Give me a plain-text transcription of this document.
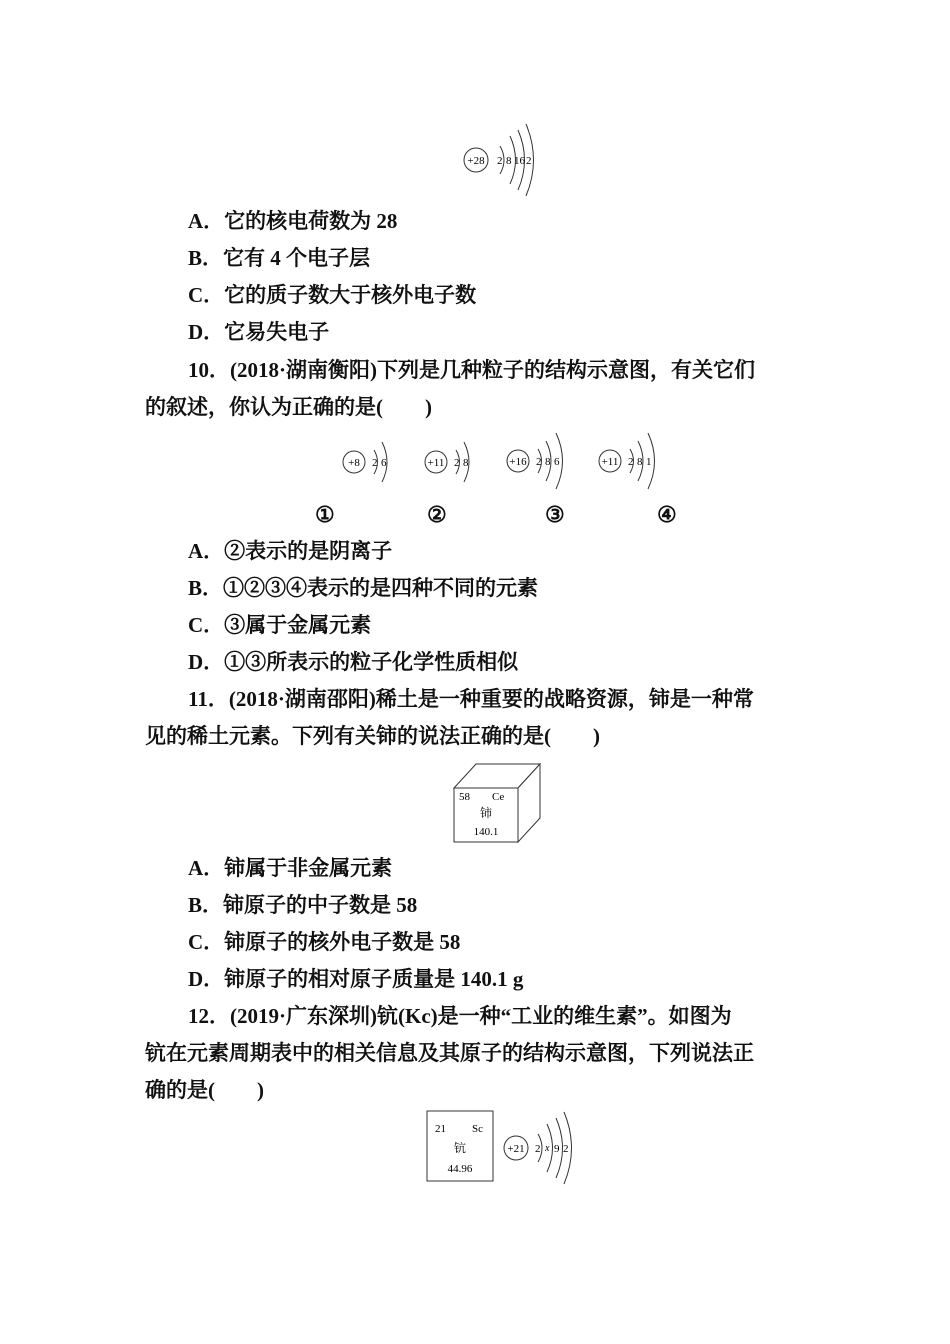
+28 2 8 16 2
A．它的核电荷数为 28
B．它有 4 个电子层
C．它的质子数大于核外电子数
D．它易失电子
10．(2018·湖南衡阳)下列是几种粒子的结构示意图，有关它们
的叙述，你认为正确的是(　　)
+8 2 6	+11 2 8	+16 2 8 6	+11 2 8 1
①	②	③	④
A．②表示的是阴离子
B．①②③④表示的是四种不同的元素
C．③属于金属元素
D．①③所表示的粒子化学性质相似
11．(2018·湖南邵阳)稀土是一种重要的战略资源，铈是一种常
见的稀土元素。下列有关铈的说法正确的是(　　)
58 Ce
铈
140.1
A．铈属于非金属元素
B．铈原子的中子数是 58
C．铈原子的核外电子数是 58
D．铈原子的相对原子质量是 140.1 g
12．(2019·广东深圳)钪(Kc)是一种“工业的维生素”。如图为
钪在元素周期表中的相关信息及其原子的结构示意图，下列说法正
确的是(　　)
21 Sc
钪
44.96
+21 2 x 9 2
